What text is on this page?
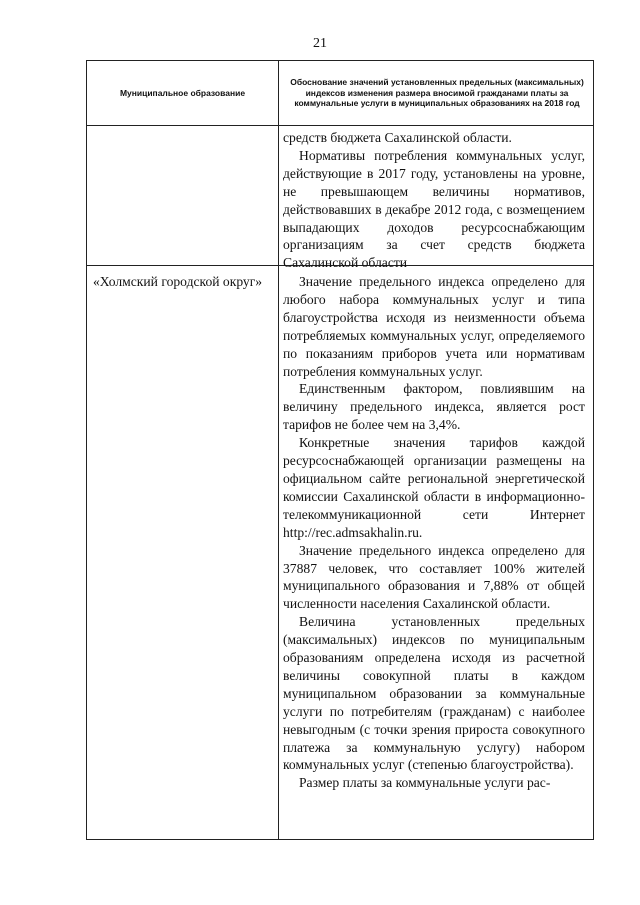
21
Муниципальное образование
Обоснование значений установленных предельных (максимальных) индексов изменения размера вносимой гражданами платы за коммунальные услуги в муниципальных образованиях на 2018 год

средств бюджета Сахалинской области.

Нормативы потребления коммунальных услуг, действующие в 2017 году, установлены на уровне, не превышающем величины нормативов, действовавших в декабре 2012 года, с возмещением выпадающих доходов ресурсоснабжающим организациям за счет средств бюджета Сахалинской области

«Холмский городской округ»	Значение предельного индекса определено для любого набора коммунальных услуг и типа благоустройства исходя из неизменности объема потребляемых коммунальных услуг, определяемого по показаниям приборов учета или нормативам потребления коммунальных услуг.

Единственным фактором, повлиявшим на величину предельного индекса, является рост тарифов не более чем на 3,4%.

Конкретные значения тарифов каждой ресурсоснабжающей организации размещены на официальном сайте региональной энергетической комиссии Сахалинской области в информационно-телекоммуникационной сети Интернет http://rec.admsakhalin.ru.

Значение предельного индекса определено для 37887 человек, что составляет 100% жителей муниципального образования и 7,88% от общей численности населения Сахалинской области.

Величина установленных предельных (максимальных) индексов по муниципальным образованиям определена исходя из расчетной величины совокупной платы в каждом муниципальном образовании за коммунальные услуги по потребителям (гражданам) с наиболее невыгодным (с точки зрения прироста совокупного платежа за коммунальную услугу) набором коммунальных услуг (степенью благоустройства).

Размер платы за коммунальные услуги рас-
